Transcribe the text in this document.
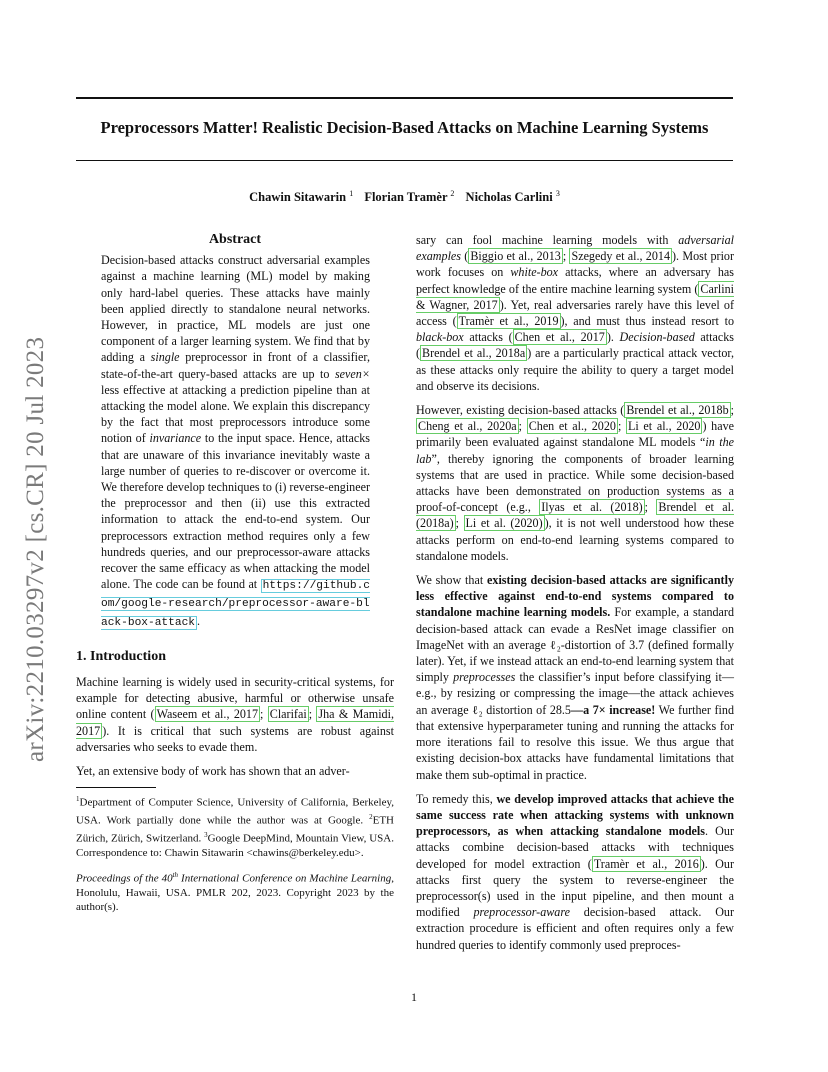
Preprocessors Matter! Realistic Decision-Based Attacks on Machine Learning Systems
Chawin Sitawarin $^1$ Florian Tramèr $^2$ Nicholas Carlini $^3$
arXiv:2210.03297v2 [cs.CR] 20 Jul 2023
Abstract

Decision-based attacks construct adversarial examples against a machine learning (ML) model by making only hard-label queries. These attacks have mainly been applied directly to standalone neural networks. However, in practice, ML models are just one component of a larger learning system. We find that by adding a single preprocessor in front of a classifier, state-of-the-art query-based attacks are up to seven× less effective at attacking a prediction pipeline than at attacking the model alone. We explain this discrepancy by the fact that most preprocessors introduce some notion of invariance to the input space. Hence, attacks that are unaware of this invariance inevitably waste a large number of queries to re-discover or overcome it. We therefore develop techniques to (i) reverse-engineer the preprocessor and then (ii) use this extracted information to attack the end-to-end system. Our preprocessors extraction method requires only a few hundreds queries, and our preprocessor-aware attacks recover the same efficacy as when attacking the model alone. The code can be found at https://github.com/google-research/preprocessor-aware-black-box-attack .

1. Introduction

Machine learning is widely used in security-critical systems, for example for detecting abusive, harmful or otherwise unsafe online content ( Waseem et al., 2017 ; Clarifai ; Jha & Mamidi, 2017 ). It is critical that such systems are robust against adversaries who seeks to evade them.

Yet, an extensive body of work has shown that an adver-

$^1$Department of Computer Science, University of California, Berkeley, USA. Work partially done while the author was at Google. $^2$ETH Zürich, Zürich, Switzerland. $^3$Google DeepMind, Mountain View, USA. Correspondence to: Chawin Sitawarin <chawins@berkeley.edu>.
Proceedings of the 40th International Conference on Machine Learning, Honolulu, Hawaii, USA. PMLR 202, 2023. Copyright 2023 by the author(s).

sary can fool machine learning models with adversarial examples ( Biggio et al., 2013 ; Szegedy et al., 2014 ). Most prior work focuses on white-box attacks, where an adversary has perfect knowledge of the entire machine learning system ( Carlini & Wagner, 2017 ). Yet, real adversaries rarely have this level of access ( Tramèr et al., 2019 ), and must thus instead resort to black-box attacks ( Chen et al., 2017 ). Decision-based attacks ( Brendel et al., 2018a ) are a particularly practical attack vector, as these attacks only require the ability to query a target model and observe its decisions.

However, existing decision-based attacks ( Brendel et al., 2018b ; Cheng et al., 2020a ; Chen et al., 2020 ; Li et al., 2020 ) have primarily been evaluated against standalone ML models “in the lab”, thereby ignoring the components of broader learning systems that are used in practice. While some decision-based attacks have been demonstrated on production systems as a proof-of-concept (e.g., Ilyas et al. (2018) ; Brendel et al. (2018a) ; Li et al. (2020) ), it is not well understood how these attacks perform on end-to-end learning systems compared to standalone models.

We show that existing decision-based attacks are significantly less effective against end-to-end systems compared to standalone machine learning models. For example, a standard decision-based attack can evade a ResNet image classifier on ImageNet with an average ℓ₂-distortion of 3.7 (defined formally later). Yet, if we instead attack an end-to-end learning system that simply preprocesses the classifier’s input before classifying it—e.g., by resizing or compressing the image—the attack achieves an average ℓ₂ distortion of 28.5—a 7× increase! We further find that extensive hyperparameter tuning and running the attacks for more iterations fail to resolve this issue. We thus argue that existing decision-box attacks have fundamental limitations that make them sub-optimal in practice.

To remedy this, we develop improved attacks that achieve the same success rate when attacking systems with unknown preprocessors, as when attacking standalone models. Our attacks combine decision-based attacks with techniques developed for model extraction ( Tramèr et al., 2016 ). Our attacks first query the system to reverse-engineer the preprocessor(s) used in the input pipeline, and then mount a modified preprocessor-aware decision-based attack. Our extraction procedure is efficient and often requires only a few hundred queries to identify commonly used preproces-

1
